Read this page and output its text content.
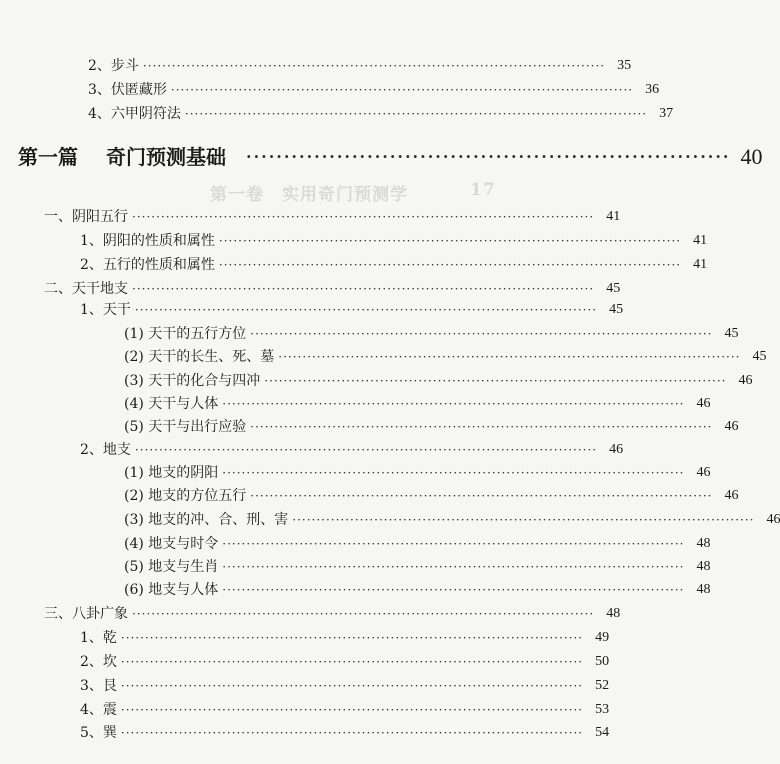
第一卷　实用奇门预测学	17
2、步斗 ································································································ 35
3、伏匿藏形 ································································································ 36
4、六甲阴符法 ································································································ 37
第一篇 奇门预测基础 ································································ 40
一、阴阳五行 ································································································ 41
1、阴阳的性质和属性 ································································································ 41
2、五行的性质和属性 ································································································ 41
二、天干地支 ································································································ 45
1、天干 ································································································ 45
(1) 天干的五行方位 ································································································ 45
(2) 天干的长生、死、墓 ································································································ 45
(3) 天干的化合与四冲 ································································································ 46
(4) 天干与人体 ································································································ 46
(5) 天干与出行应验 ································································································ 46
2、地支 ································································································ 46
(1) 地支的阴阳 ································································································ 46
(2) 地支的方位五行 ································································································ 46
(3) 地支的冲、合、刑、害 ································································································ 46
(4) 地支与时令 ································································································ 48
(5) 地支与生肖 ································································································ 48
(6) 地支与人体 ································································································ 48
三、八卦广象 ································································································ 48
1、乾 ································································································ 49
2、坎 ································································································ 50
3、艮 ································································································ 52
4、震 ································································································ 53
5、巽 ································································································ 54
